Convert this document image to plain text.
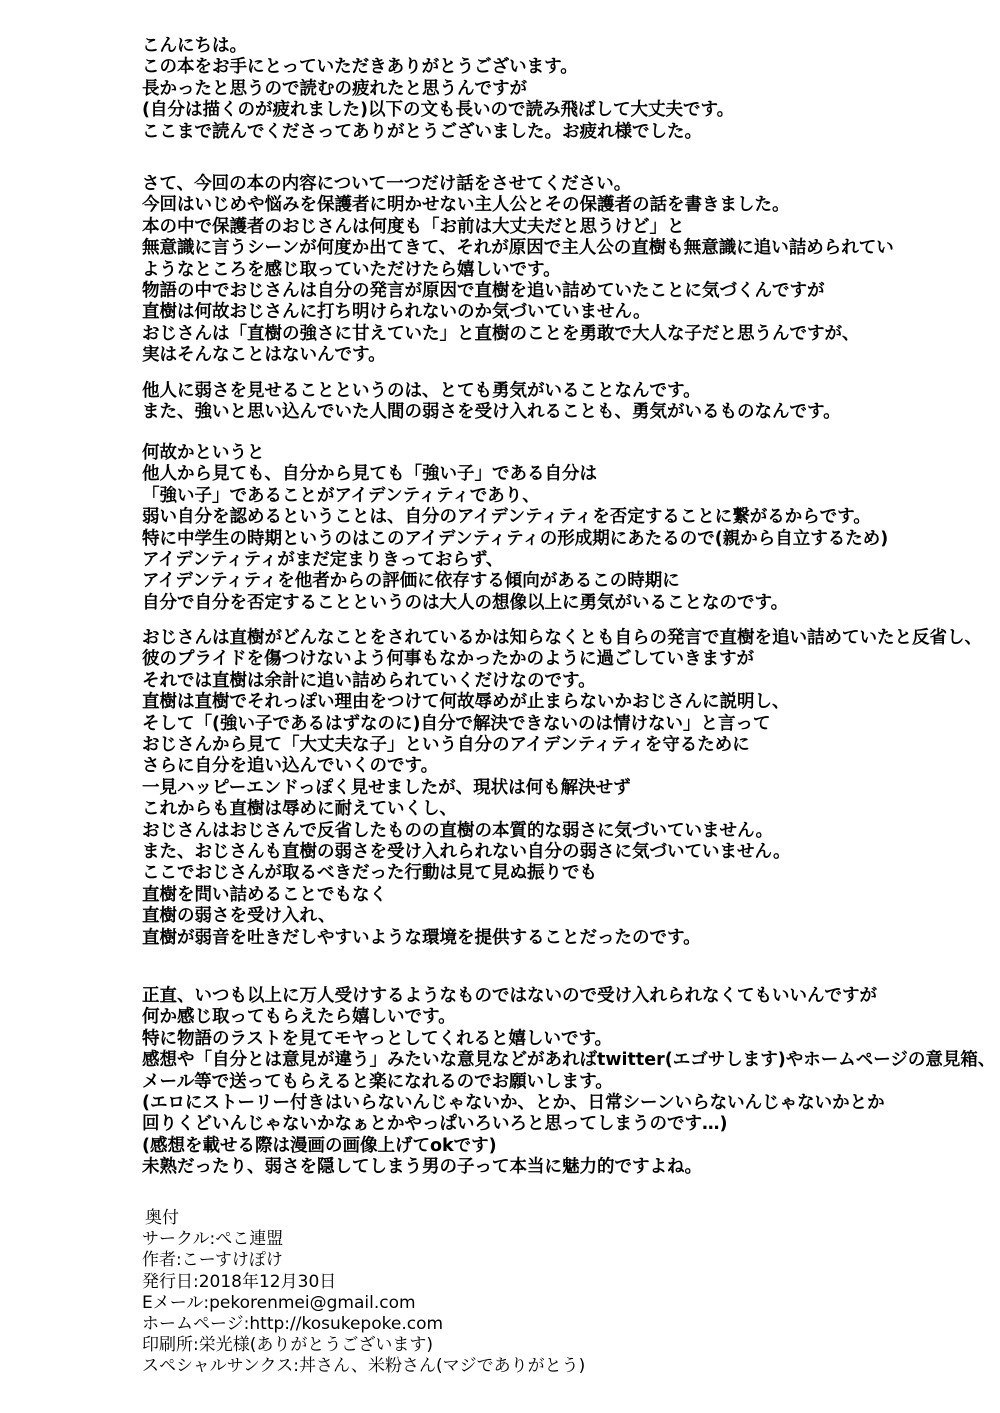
こんにちは。
この本をお手にとっていただきありがとうございます。
長かったと思うので読むの疲れたと思うんですが
(自分は描くのが疲れました)以下の文も長いので読み飛ばして大丈夫です。
ここまで読んでくださってありがとうございました。お疲れ様でした。
さて、今回の本の内容について一つだけ話をさせてください。
今回はいじめや悩みを保護者に明かせない主人公とその保護者の話を書きました。
本の中で保護者のおじさんは何度も「お前は大丈夫だと思うけど」と
無意識に言うシーンが何度か出てきて、それが原因で主人公の直樹も無意識に追い詰められてい
ようなところを感じ取っていただけたら嬉しいです。
物語の中でおじさんは自分の発言が原因で直樹を追い詰めていたことに気づくんですが
直樹は何故おじさんに打ち明けられないのか気づいていません。
おじさんは「直樹の強さに甘えていた」と直樹のことを勇敢で大人な子だと思うんですが、
実はそんなことはないんです。
他人に弱さを見せることというのは、とても勇気がいることなんです。
また、強いと思い込んでいた人間の弱さを受け入れることも、勇気がいるものなんです。
何故かというと
他人から見ても、自分から見ても「強い子」である自分は
「強い子」であることがアイデンティティであり、
弱い自分を認めるということは、自分のアイデンティティを否定することに繋がるからです。
特に中学生の時期というのはこのアイデンティティの形成期にあたるので(親から自立するため)
アイデンティティがまだ定まりきっておらず、
アイデンティティを他者からの評価に依存する傾向があるこの時期に
自分で自分を否定することというのは大人の想像以上に勇気がいることなのです。
おじさんは直樹がどんなことをされているかは知らなくとも自らの発言で直樹を追い詰めていたと反省し、
彼のプライドを傷つけないよう何事もなかったかのように過ごしていきますが
それでは直樹は余計に追い詰められていくだけなのです。
直樹は直樹でそれっぽい理由をつけて何故辱めが止まらないかおじさんに説明し、
そして「(強い子であるはずなのに)自分で解決できないのは情けない」と言って
おじさんから見て「大丈夫な子」という自分のアイデンティティを守るために
さらに自分を追い込んでいくのです。
一見ハッピーエンドっぽく見せましたが、現状は何も解決せず
これからも直樹は辱めに耐えていくし、
おじさんはおじさんで反省したものの直樹の本質的な弱さに気づいていません。
また、おじさんも直樹の弱さを受け入れられない自分の弱さに気づいていません。
ここでおじさんが取るべきだった行動は見て見ぬ振りでも
直樹を問い詰めることでもなく
直樹の弱さを受け入れ、
直樹が弱音を吐きだしやすいような環境を提供することだったのです。
正直、いつも以上に万人受けするようなものではないので受け入れられなくてもいいんですが
何か感じ取ってもらえたら嬉しいです。
特に物語のラストを見てモヤっとしてくれると嬉しいです。
感想や「自分とは意見が違う」みたいな意見などがあればtwitter(エゴサします)やホームページの意見箱、
メール等で送ってもらえると楽になれるのでお願いします。
(エロにストーリー付きはいらないんじゃないか、とか、日常シーンいらないんじゃないかとか
回りくどいんじゃないかなぁとかやっぱいろいろと思ってしまうのです…)
(感想を載せる際は漫画の画像上げてokです)
未熟だったり、弱さを隠してしまう男の子って本当に魅力的ですよね。
奥付
サークル:ぺこ連盟
作者:こーすけぽけ
発行日:2018年12月30日
Eメール:pekorenmei@gmail.com
ホームページ:http://kosukepoke.com
印刷所:栄光様(ありがとうございます)
スペシャルサンクス:丼さん、米粉さん(マジでありがとう)
